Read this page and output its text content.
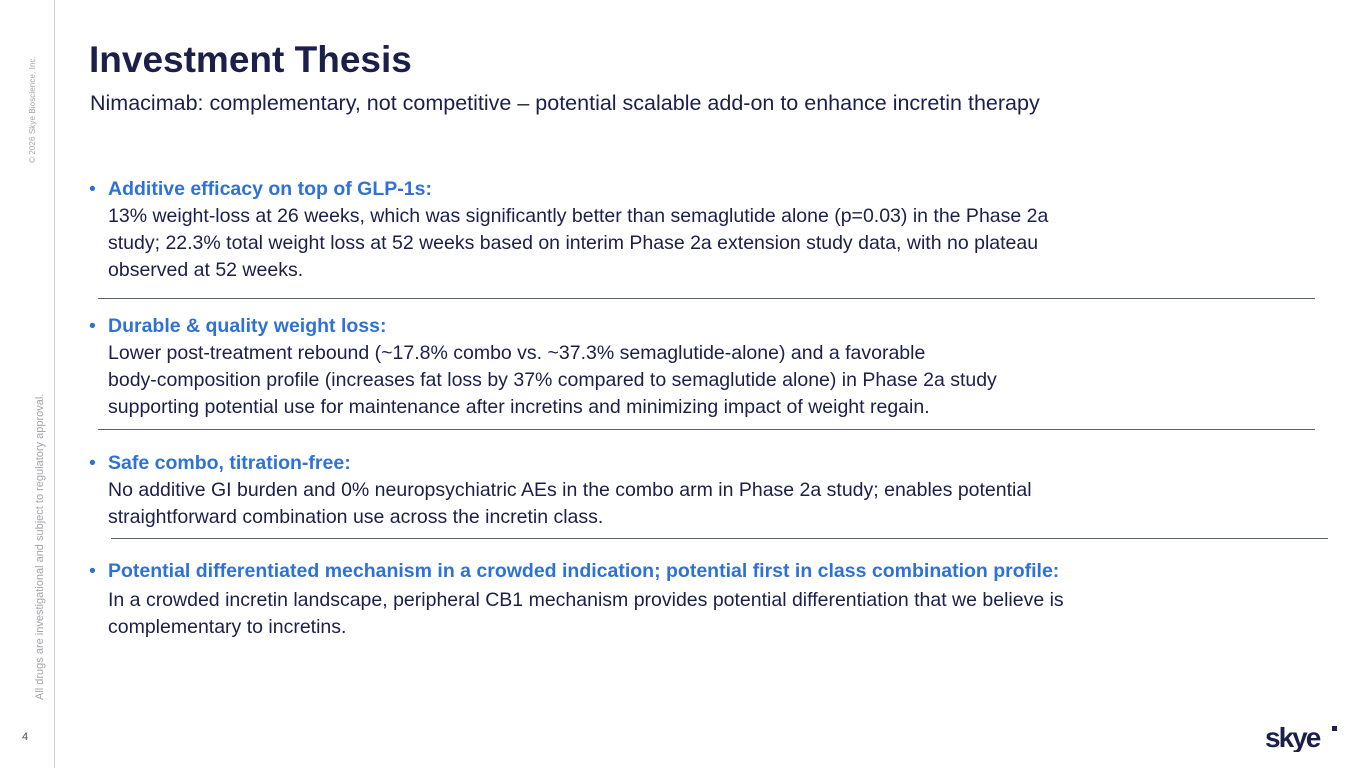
© 2026 Skye Bioscience, Inc.
All drugs are investigational and subject to regulatory approval.
4
Investment Thesis

Nimacimab: complementary, not competitive – potential scalable add-on to enhance incretin therapy

• Additive efficacy on top of GLP-1s:
13% weight-loss at 26 weeks, which was significantly better than semaglutide alone (p=0.03) in the Phase 2a
study; 22.3% total weight loss at 52 weeks based on interim Phase 2a extension study data, with no plateau
observed at 52 weeks.
• Durable & quality weight loss:
Lower post-treatment rebound (~17.8% combo vs. ~37.3% semaglutide-alone) and a favorable
body-composition profile (increases fat loss by 37% compared to semaglutide alone) in Phase 2a study
supporting potential use for maintenance after incretins and minimizing impact of weight regain.
• Safe combo, titration-free:
No additive GI burden and 0% neuropsychiatric AEs in the combo arm in Phase 2a study; enables potential
straightforward combination use across the incretin class.
• Potential differentiated mechanism in a crowded indication; potential first in class combination profile:
In a crowded incretin landscape, peripheral CB1 mechanism provides potential differentiation that we believe is
complementary to incretins.
skye
